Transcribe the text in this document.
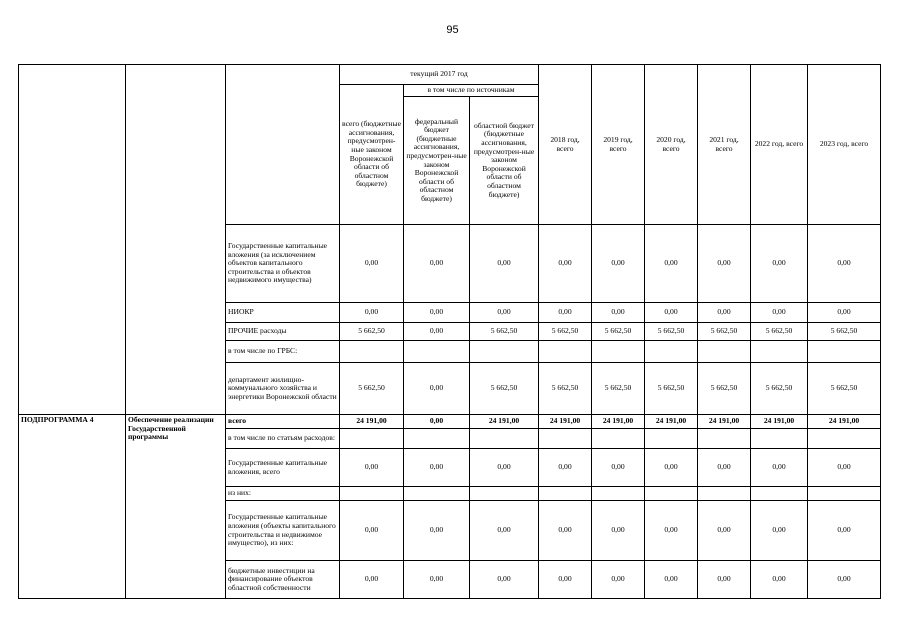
95
			текущий 2017 год			2018 год, всего	2019 год, всего	2020 год, всего	2021 год, всего	2022 год, всего	2023 год, всего
			всего (бюджетные ассигнования, предусмотрен-ные законом Воронежской области об областном бюджете)	в том числе по источникам							
				федеральный бюджет (бюджетные ассигнования, предусмотрен-ные законом Воронежской области об областном бюджете)	областной бюджет (бюджетные ассигнования, предусмотрен-ные законом Воронежской области об областном бюджете)						
		Государственные капитальные вложения (за исключением объектов капитального строительства и объектов недвижимого имущества)	0,00	0,00	0,00	0,00	0,00	0,00	0,00	0,00	0,00
		НИОКР	0,00	0,00	0,00	0,00	0,00	0,00	0,00	0,00	0,00
		ПРОЧИЕ расходы	5 662,50	0,00	5 662,50	5 662,50	5 662,50	5 662,50	5 662,50	5 662,50	5 662,50
		в том числе по ГРБС:									
		департамент жилищно-коммунального хозяйства и энергетики Воронежской области	5 662,50	0,00	5 662,50	5 662,50	5 662,50	5 662,50	5 662,50	5 662,50	5 662,50
ПОДПРОГРАММА 4	Обеспечение реализации Государственной программы	всего	24 191,00	0,00	24 191,00	24 191,00	24 191,00	24 191,00	24 191,00	24 191,00	24 191,00
		в том числе по статьям расходов:									
		Государственные капитальные вложения, всего	0,00	0,00	0,00	0,00	0,00	0,00	0,00	0,00	0,00
		из них:									
		Государственные капитальные вложения (объекты капитального строительства и недвижимое имущество), из них:	0,00	0,00	0,00	0,00	0,00	0,00	0,00	0,00	0,00
		бюджетные инвестиции на финансирование объектов областной собственности	0,00	0,00	0,00	0,00	0,00	0,00	0,00	0,00	0,00
